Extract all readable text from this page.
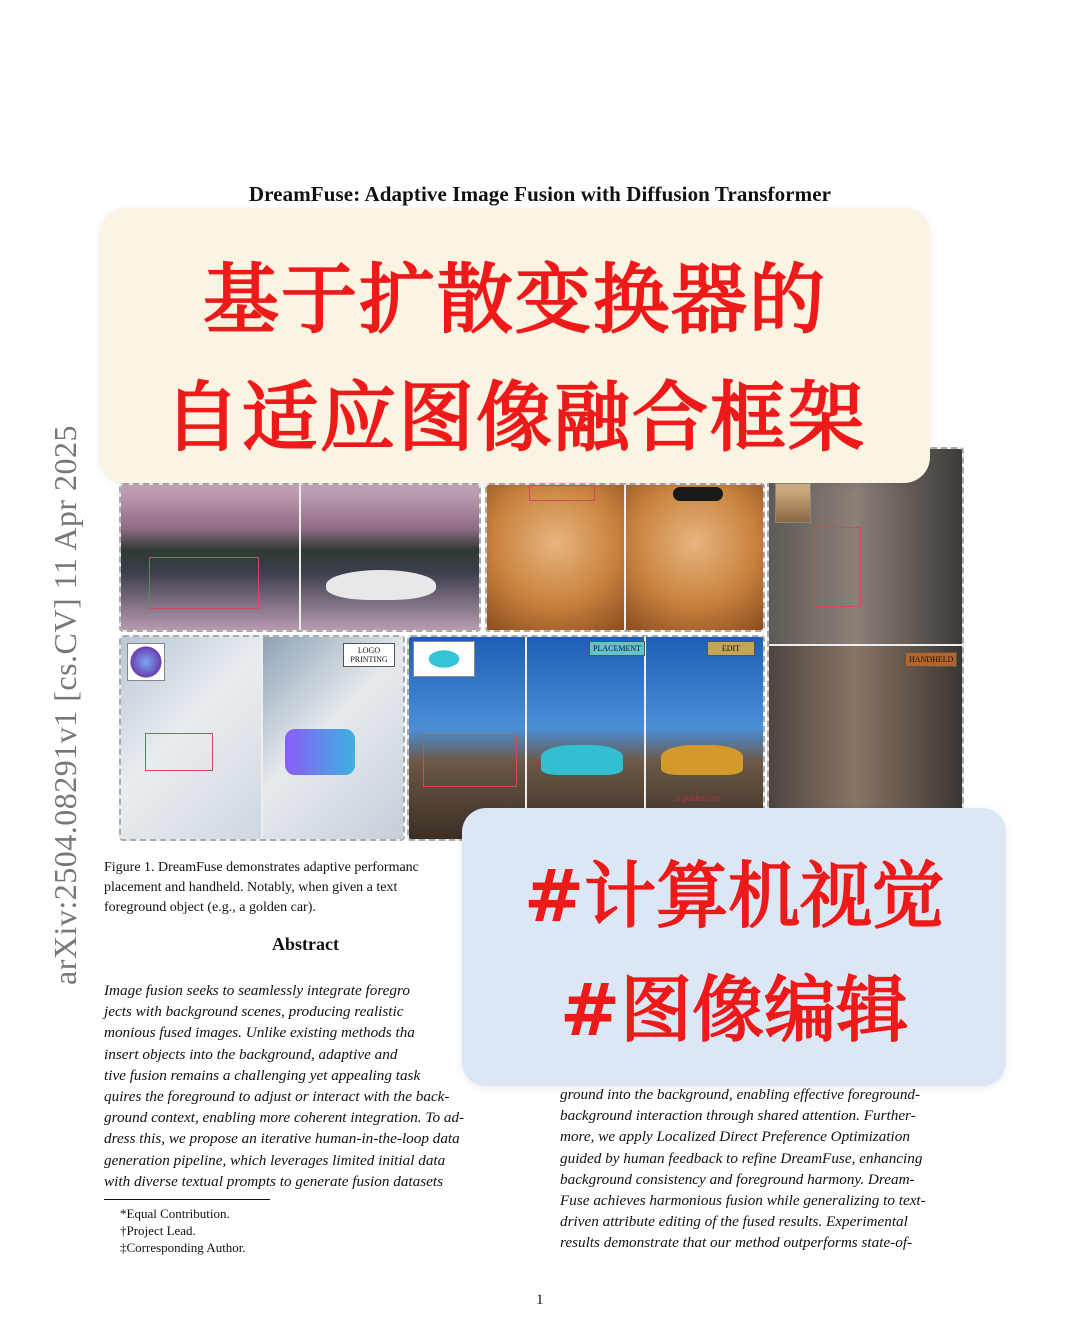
DreamFuse: Adaptive Image Fusion with Diffusion Transformer
arXiv:2504.08291v1 [cs.CV] 11 Apr 2025	HANDHELD
LOGO PRINTING
a golden car
PLACEMENT	EDIT
Figure 1. DreamFuse demonstrates adaptive performanc
placement and handheld. Notably, when given a text
foreground object (e.g., a golden car).
Abstract
Image fusion seeks to seamlessly integrate foregro
jects with background scenes, producing realistic
monious fused images. Unlike existing methods tha
insert objects into the background, adaptive and
tive fusion remains a challenging yet appealing task
quires the foreground to adjust or interact with the back-
ground context, enabling more coherent integration. To ad-
dress this, we propose an iterative human-in-the-loop data
generation pipeline, which leverages limited initial data
with diverse textual prompts to generate fusion datasets
ground into the background, enabling effective foreground-
background interaction through shared attention. Further-
more, we apply Localized Direct Preference Optimization
guided by human feedback to refine DreamFuse, enhancing
background consistency and foreground harmony. Dream-
Fuse achieves harmonious fusion while generalizing to text-
driven attribute editing of the fused results. Experimental
results demonstrate that our method outperforms state-of-
*Equal Contribution.
†Project Lead.
‡Corresponding Author.
1
基于扩散变换器的
自适应图像融合框架
#计算机视觉
#图像编辑
